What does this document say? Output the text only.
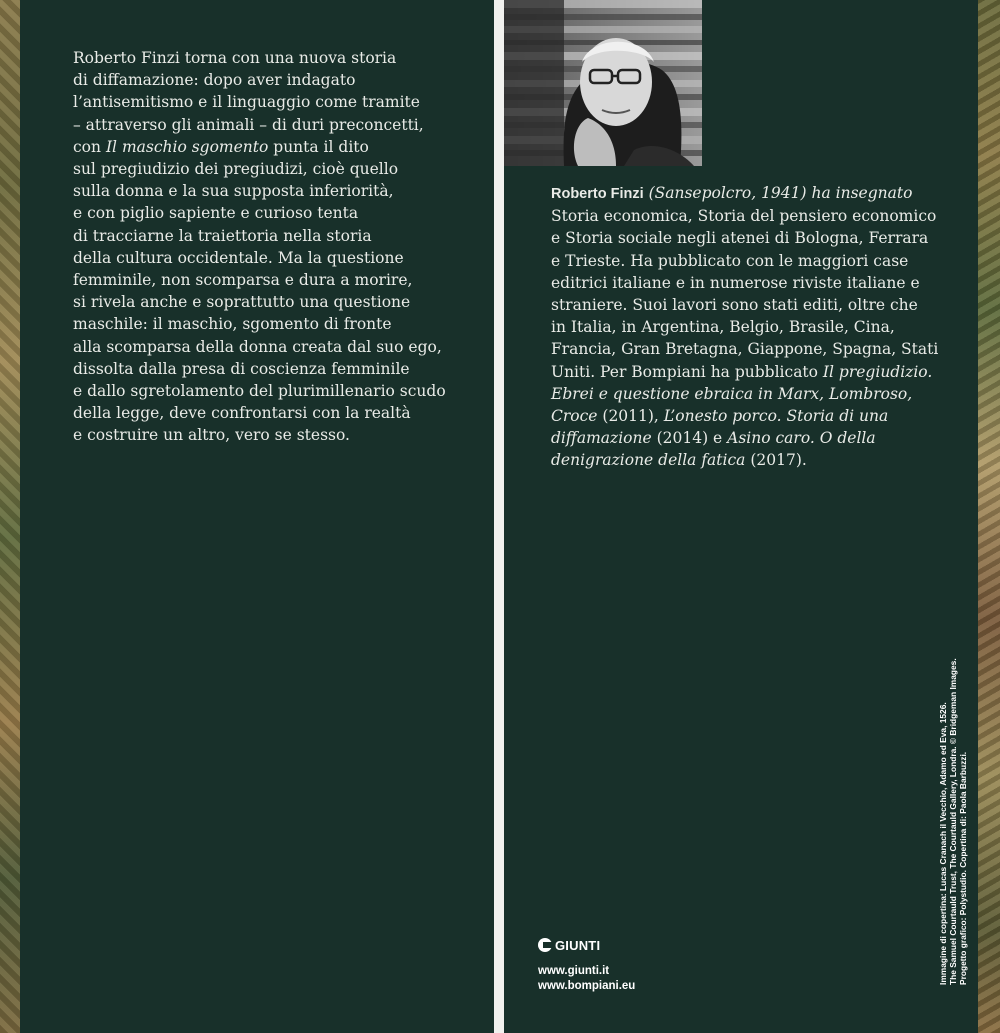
Roberto Finzi torna con una nuova storia
di diffamazione: dopo aver indagato
l’antisemitismo e il linguaggio come tramite
– attraverso gli animali – di duri preconcetti,
con Il maschio sgomento punta il dito
sul pregiudizio dei pregiudizi, cioè quello
sulla donna e la sua supposta inferiorità,
e con piglio sapiente e curioso tenta
di tracciarne la traiettoria nella storia
della cultura occidentale. Ma la questione
femminile, non scomparsa e dura a morire,
si rivela anche e soprattutto una questione
maschile: il maschio, sgomento di fronte
alla scomparsa della donna creata dal suo ego,
dissolta dalla presa di coscienza femminile
e dallo sgretolamento del plurimillenario scudo
della legge, deve confrontarsi con la realtà
e costruire un altro, vero se stesso.

Roberto Finzi (Sansepolcro, 1941) ha insegnato
Storia economica, Storia del pensiero economico
e Storia sociale negli atenei di Bologna, Ferrara
e Trieste. Ha pubblicato con le maggiori case
editrici italiane e in numerose riviste italiane e
straniere. Suoi lavori sono stati editi, oltre che
in Italia, in Argentina, Belgio, Brasile, Cina,
Francia, Gran Bretagna, Giappone, Spagna, Stati
Uniti. Per Bompiani ha pubblicato Il pregiudizio.
Ebrei e questione ebraica in Marx, Lombroso,
Croce (2011), L’onesto porco. Storia di una
diffamazione (2014) e Asino caro. O della
denigrazione della fatica (2017).

GIUNTI

www.giunti.it
www.bompiani.eu

Immagine di copertina: Lucas Cranach il Vecchio, Adamo ed Eva, 1526. The Samuel Courtauld Trust, The Courtauld Gallery, Londra. © Bridgeman Images. Progetto grafico: Polystudio. Copertina di: Paola Barbuzzi.
